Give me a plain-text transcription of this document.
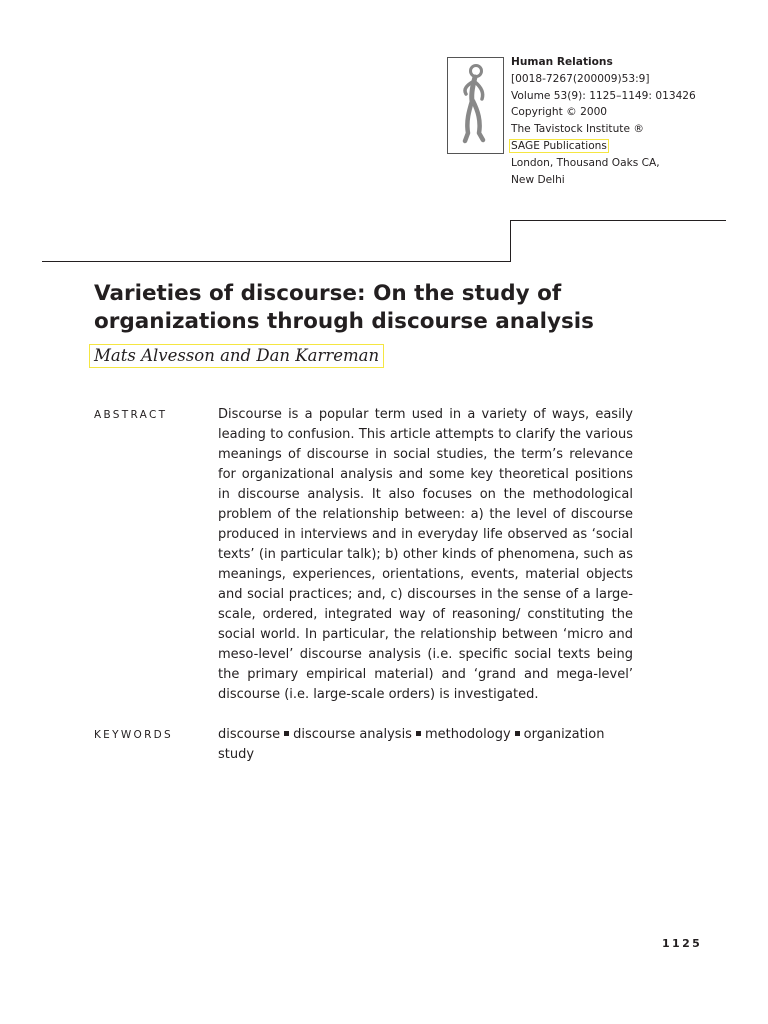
Human Relations
[0018-7267(200009)53:9]
Volume 53(9): 1125–1149: 013426
Copyright © 2000
The Tavistock Institute ®
SAGE Publications
London, Thousand Oaks CA,
New Delhi
Varieties of discourse: On the study of organizations through discourse analysis
Mats Alvesson and Dan Karreman
ABSTRACT	Discourse is a popular term used in a variety of ways, easily leading to confusion. This article attempts to clarify the various meanings of discourse in social studies, the term’s relevance for organizational analysis and some key theoretical positions in discourse analysis. It also focuses on the methodological problem of the relationship between: a) the level of discourse produced in interviews and in everyday life observed as ‘social texts’ (in particular talk); b) other kinds of phenomena, such as meanings, experiences, orientations, events, material objects and social practices; and, c) discourses in the sense of a large-scale, ordered, integrated way of reasoning/ constituting the social world. In particular, the relationship between ‘micro and meso-level’ discourse analysis (i.e. specific social texts being the primary empirical material) and ‘grand and mega-level’ discourse (i.e. large-scale orders) is investigated.

KEYWORDS	discourse discourse analysis methodology organization study
1125
